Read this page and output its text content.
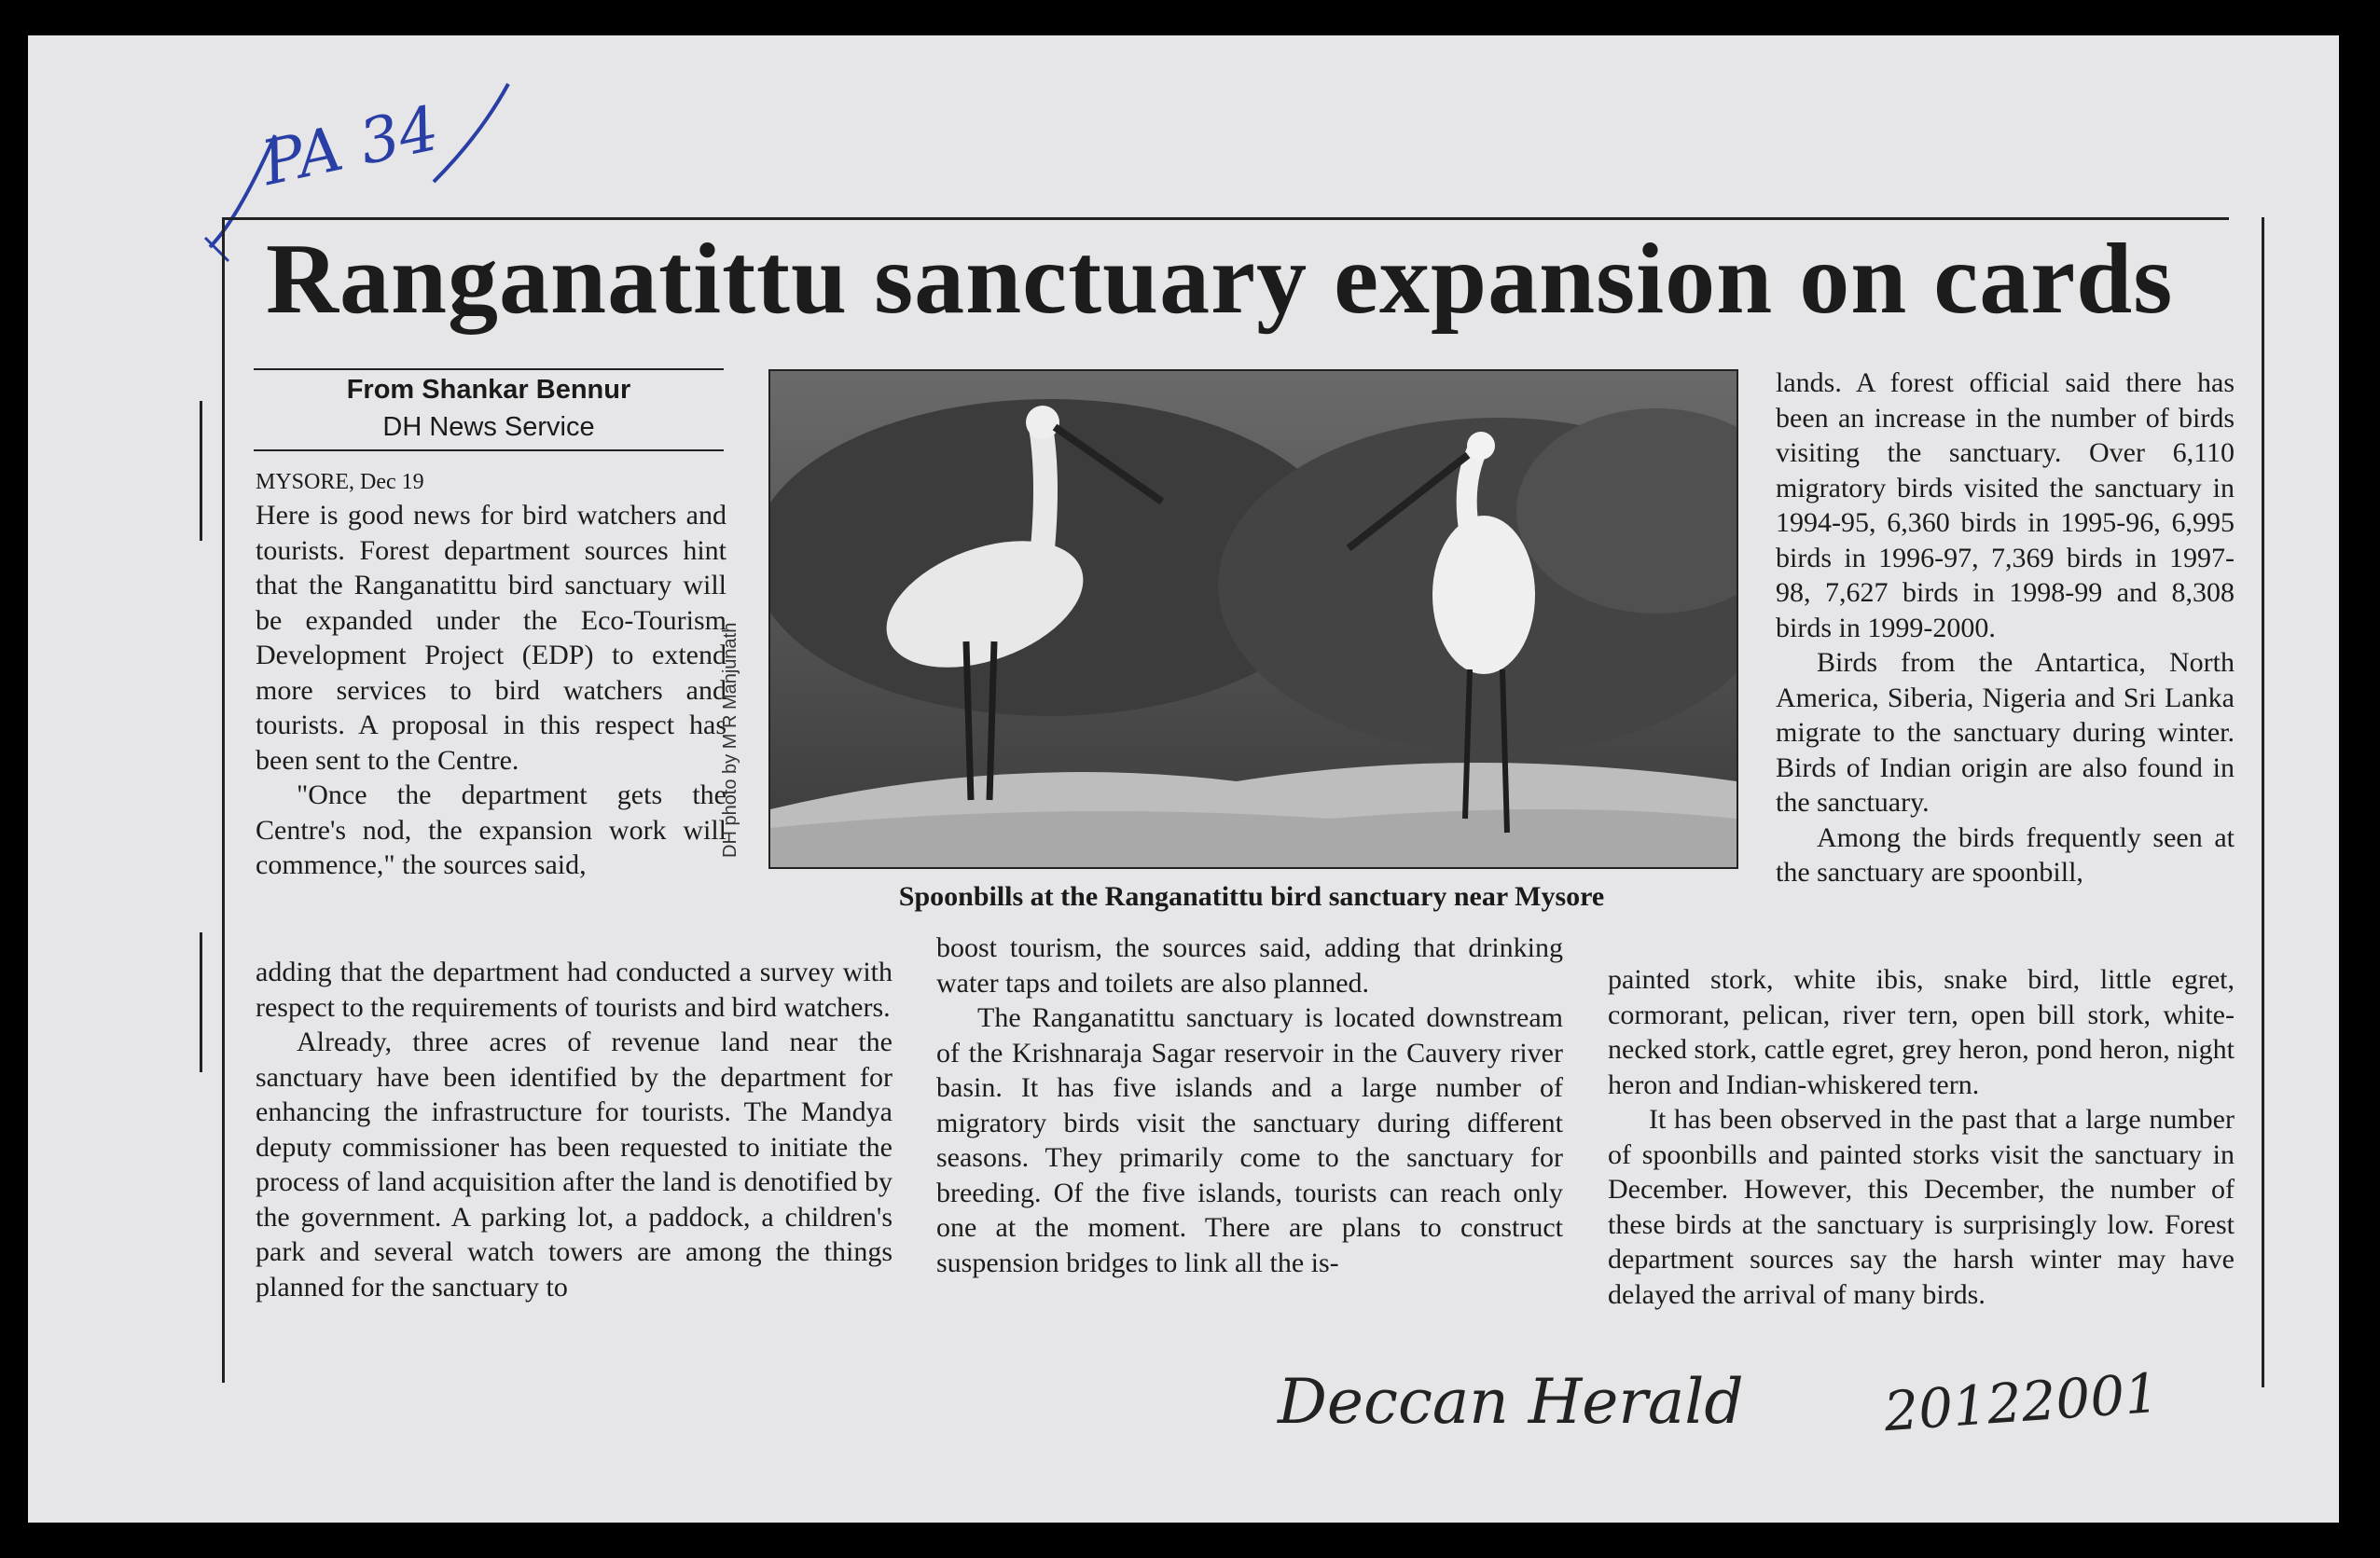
PA 34
Ranganatittu sanctuary expansion on cards
From Shankar Bennur
DH News Service
MYSORE, Dec 19

Here is good news for bird watchers and tourists. Forest department sources hint that the Ranganatittu bird sanctuary will be expanded under the Eco-Tourism Development Project (EDP) to extend more services to bird watchers and tourists. A proposal in this respect has been sent to the Centre.

"Once the department gets the Centre's nod, the expansion work will commence," the sources said,

adding that the department had conducted a survey with respect to the requirements of tourists and bird watchers.

Already, three acres of revenue land near the sanctuary have been identified by the department for enhancing the infrastructure for tourists. The Mandya deputy commissioner has been requested to initiate the process of land acquisition after the land is denotified by the government. A parking lot, a paddock, a children's park and several watch towers are among the things planned for the sanctuary to

DH photo by M R Manjunath
Spoonbills at the Ranganatittu bird sanctuary near Mysore

boost tourism, the sources said, adding that drinking water taps and toilets are also planned.

The Ranganatittu sanctuary is located downstream of the Krishnaraja Sagar reservoir in the Cauvery river basin. It has five islands and a large number of migratory birds visit the sanctuary during different seasons. They primarily come to the sanctuary for breeding. Of the five islands, tourists can reach only one at the moment. There are plans to construct suspension bridges to link all the is-

lands. A forest official said there has been an increase in the number of birds visiting the sanctuary. Over 6,110 migratory birds visited the sanctuary in 1994-95, 6,360 birds in 1995-96, 6,995 birds in 1996-97, 7,369 birds in 1997-98, 7,627 birds in 1998-99 and 8,308 birds in 1999-2000.

Birds from the Antartica, North America, Siberia, Nigeria and Sri Lanka migrate to the sanctuary during winter. Birds of Indian origin are also found in the sanctuary.

Among the birds frequently seen at the sanctuary are spoonbill,

painted stork, white ibis, snake bird, little egret, cormorant, pelican, river tern, open bill stork, white-necked stork, cattle egret, grey heron, pond heron, night heron and Indian-whiskered tern.

It has been observed in the past that a large number of spoonbills and painted storks visit the sanctuary in December. However, this December, the number of these birds at the sanctuary is surprisingly low. Forest department sources say the harsh winter may have delayed the arrival of many birds.

Deccan Herald	20122001
